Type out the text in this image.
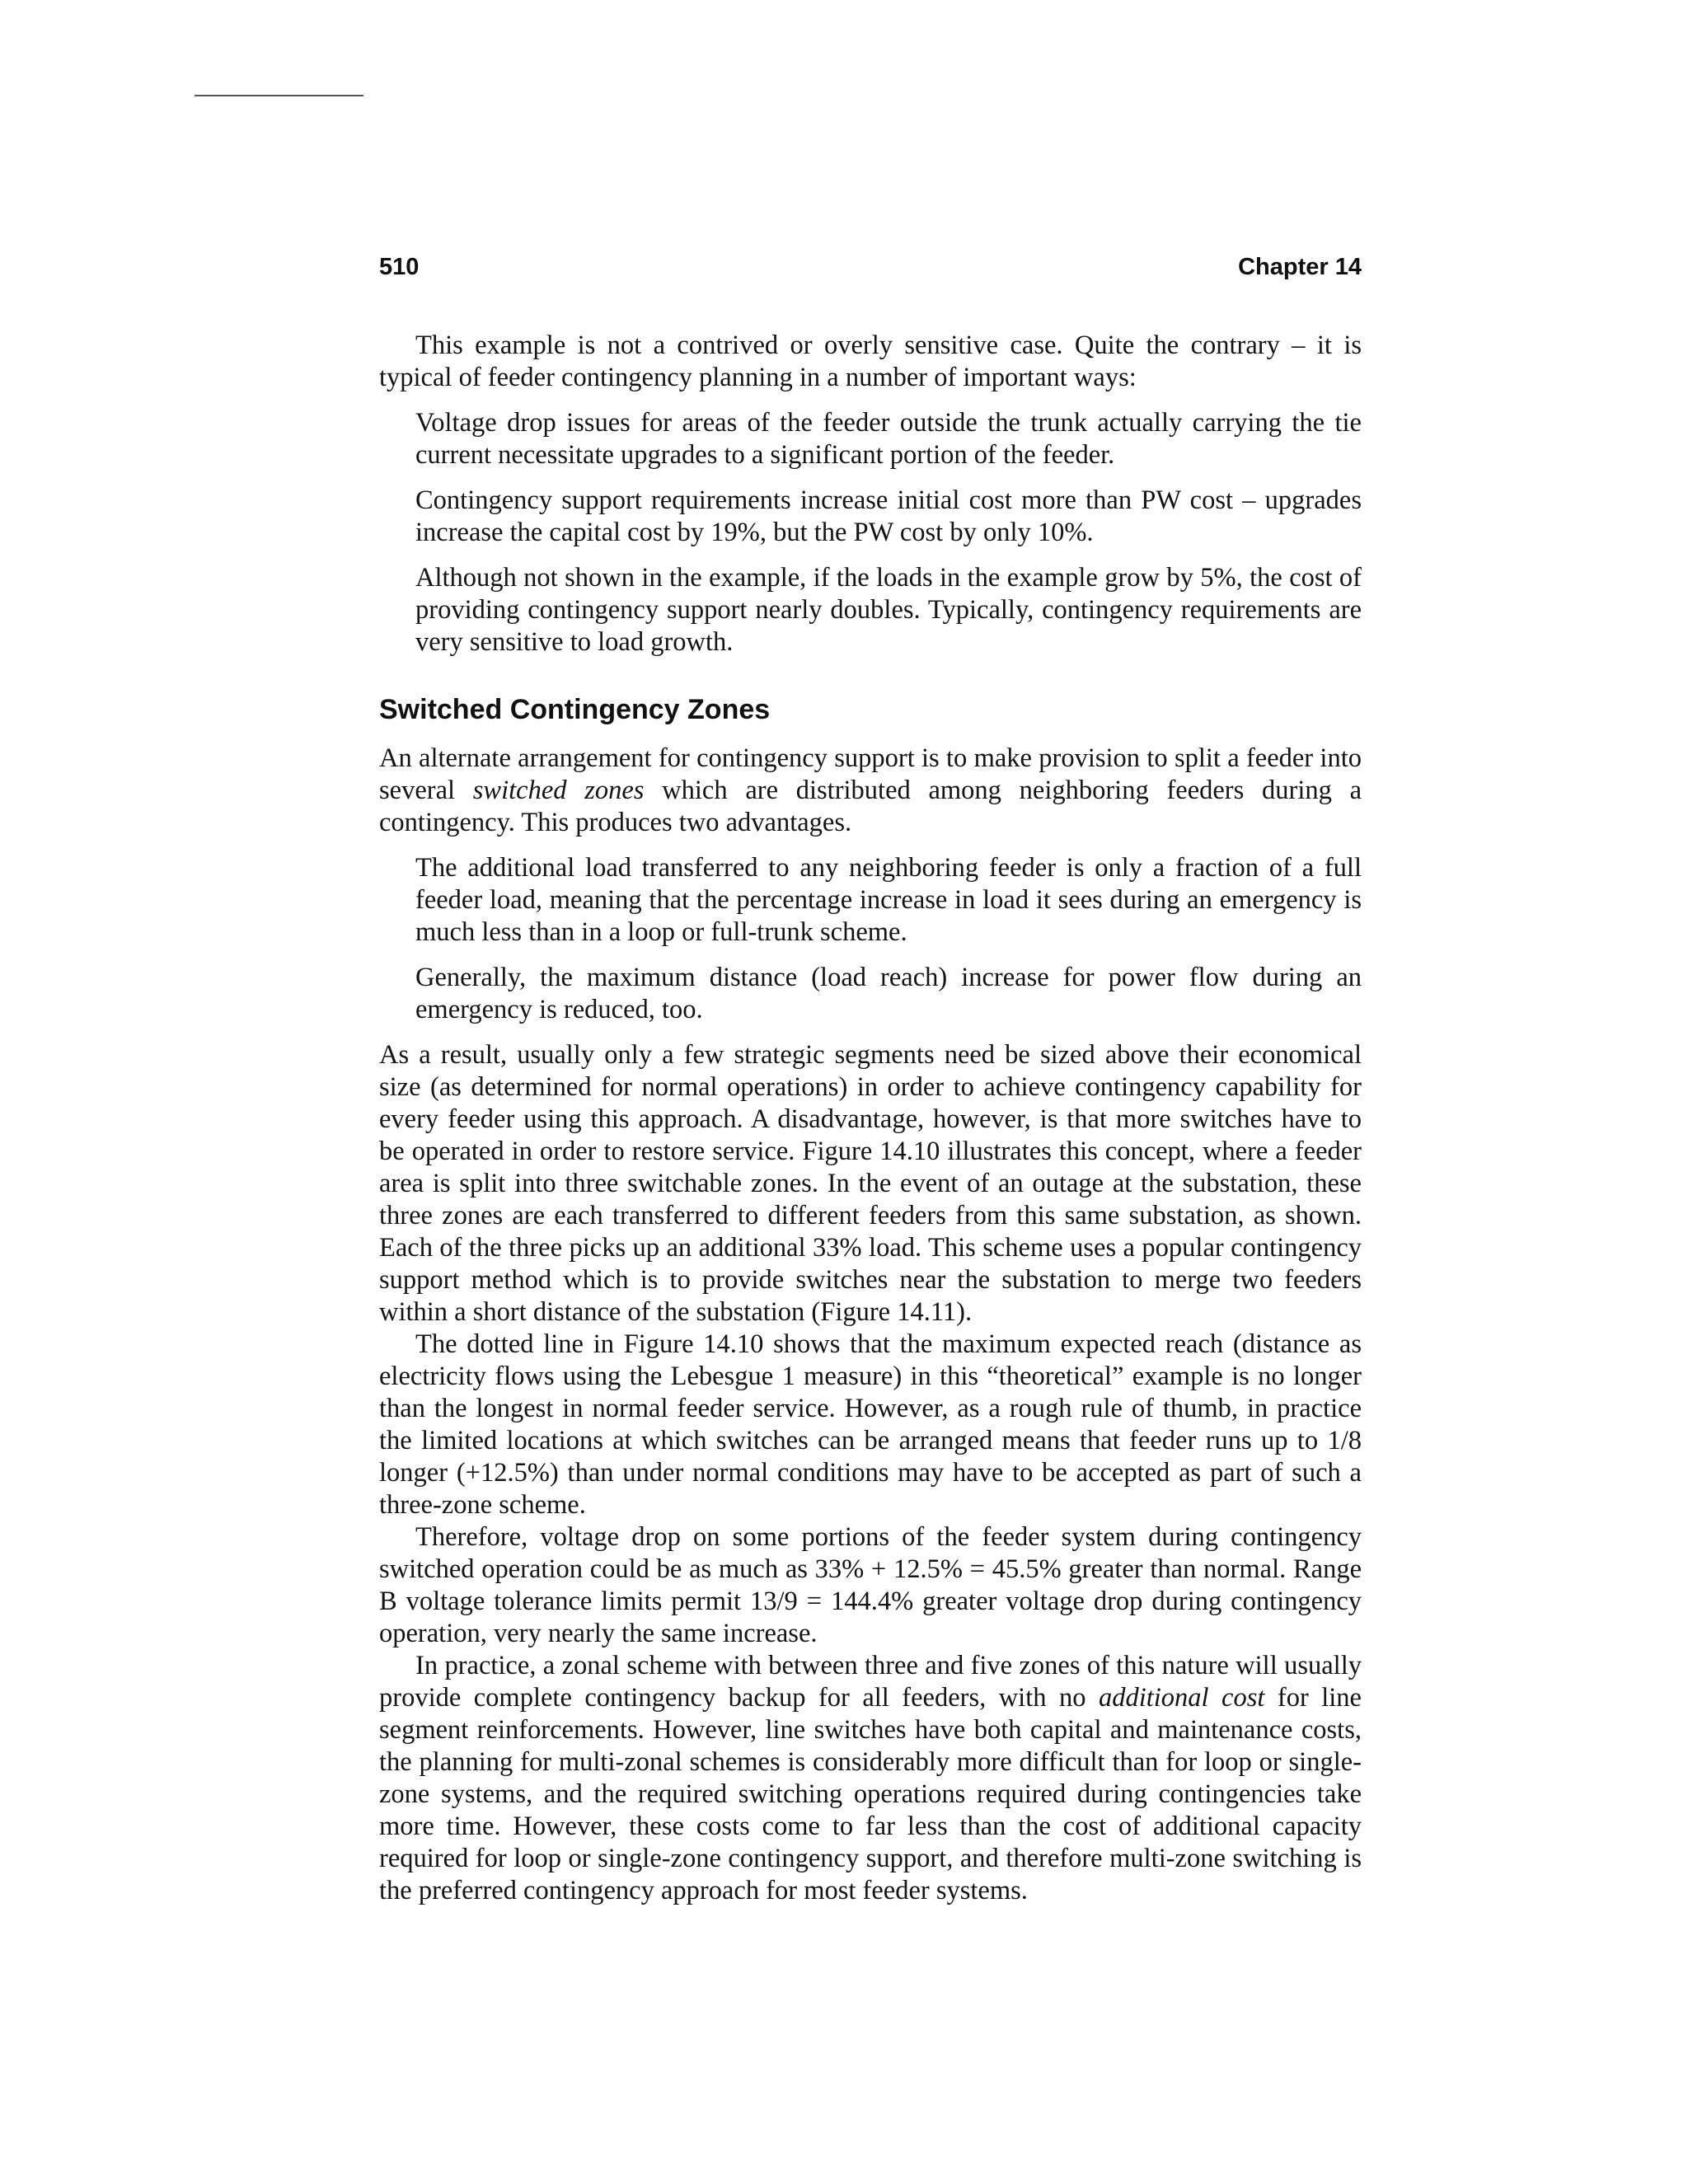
510	Chapter 14

This example is not a contrived or overly sensitive case. Quite the contrary – it is typical of feeder contingency planning in a number of important ways:

Voltage drop issues for areas of the feeder outside the trunk actually carrying the tie current necessitate upgrades to a significant portion of the feeder.

Contingency support requirements increase initial cost more than PW cost – upgrades increase the capital cost by 19%, but the PW cost by only 10%.

Although not shown in the example, if the loads in the example grow by 5%, the cost of providing contingency support nearly doubles. Typically, contingency requirements are very sensitive to load growth.

Switched Contingency Zones

An alternate arrangement for contingency support is to make provision to split a feeder into several switched zones which are distributed among neighboring feeders during a contingency. This produces two advantages.

The additional load transferred to any neighboring feeder is only a fraction of a full feeder load, meaning that the percentage increase in load it sees during an emergency is much less than in a loop or full-trunk scheme.

Generally, the maximum distance (load reach) increase for power flow during an emergency is reduced, too.

As a result, usually only a few strategic segments need be sized above their economical size (as determined for normal operations) in order to achieve contingency capability for every feeder using this approach. A disadvantage, however, is that more switches have to be operated in order to restore service. Figure 14.10 illustrates this concept, where a feeder area is split into three switchable zones. In the event of an outage at the substation, these three zones are each transferred to different feeders from this same substation, as shown. Each of the three picks up an additional 33% load. This scheme uses a popular contingency support method which is to provide switches near the substation to merge two feeders within a short distance of the substation (Figure 14.11).

The dotted line in Figure 14.10 shows that the maximum expected reach (distance as electricity flows using the Lebesgue 1 measure) in this “theoretical” example is no longer than the longest in normal feeder service. However, as a rough rule of thumb, in practice the limited locations at which switches can be arranged means that feeder runs up to 1/8 longer (+12.5%) than under normal conditions may have to be accepted as part of such a three-zone scheme.

Therefore, voltage drop on some portions of the feeder system during contingency switched operation could be as much as 33% + 12.5% = 45.5% greater than normal. Range B voltage tolerance limits permit 13/9 = 144.4% greater voltage drop during contingency operation, very nearly the same increase.

In practice, a zonal scheme with between three and five zones of this nature will usually provide complete contingency backup for all feeders, with no additional cost for line segment reinforcements. However, line switches have both capital and maintenance costs, the planning for multi-zonal schemes is considerably more difficult than for loop or single-zone systems, and the required switching operations required during contingencies take more time. However, these costs come to far less than the cost of additional capacity required for loop or single-zone contingency support, and therefore multi-zone switching is the preferred contingency approach for most feeder systems.
